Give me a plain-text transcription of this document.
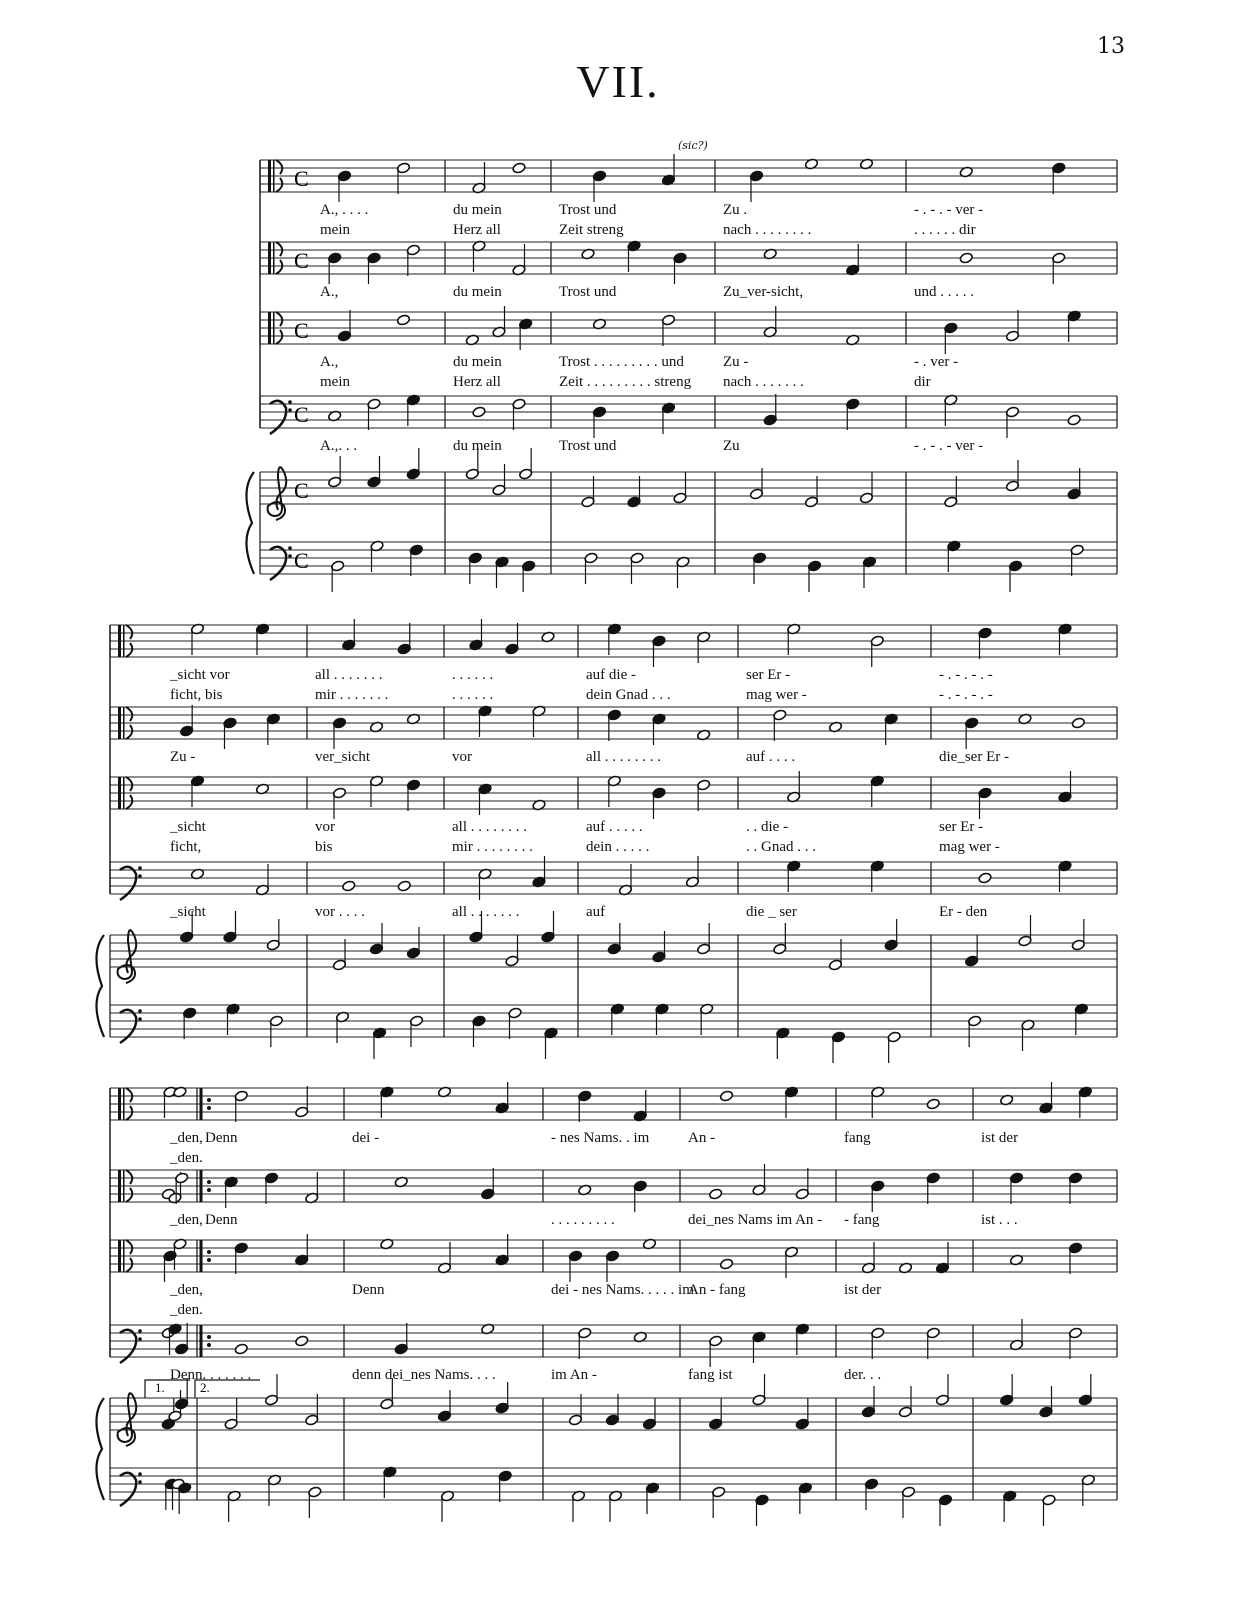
13
VII.
(sic?)
C
A., . . . .	du mein	Trost und	Zu .	- . - . - ver -
mein	Herz all	Zeit streng	nach . . . . . . . .	. . . . . . dir
C
A.,	du mein	Trost und	Zu_ver-sicht,	und . . . . .
C
A.,	du mein	Trost . . . . . . . . . und	Zu -	- . ver -
mein	Herz all	Zeit . . . . . . . . . streng nach . . . . . . .	dir
C
A.,. . .	du mein	Trost und	Zu	- . - . - ver -
C
C
_sicht vor	all . . . . . . .	. . . . . .	auf die -	ser Er -	- . - . - . -
ficht, bis	mir . . . . . . .	. . . . . .	dein Gnad . . .	mag wer -	- . - . - . -
Zu -	ver_sicht	vor	all . . . . . . . .	auf . . . .	die_ser Er -
_sicht	vor	all . . . . . . . .	auf . . . . .	. . die -	ser Er -
ficht,	bis	mir . . . . . . . .	dein . . . . .	. . Gnad . . .	mag wer -
_sicht	vor . . . .	all . . . . . . .	auf	die _ ser	Er - den
_den, Denn	dei -	- nes Nams. . im	An -	fang	ist der
_den.
_den, Denn	. . . . . . . . .	dei_nes Nams im An - - fang	ist . . .
_den,	Denn	dei - nes Nams. . . . . im
An - fang	ist der
_den.
Denn. . . . . . .	denn dei_nes Nams. . . .	im An -	fang ist	der. . .
1.	2.
